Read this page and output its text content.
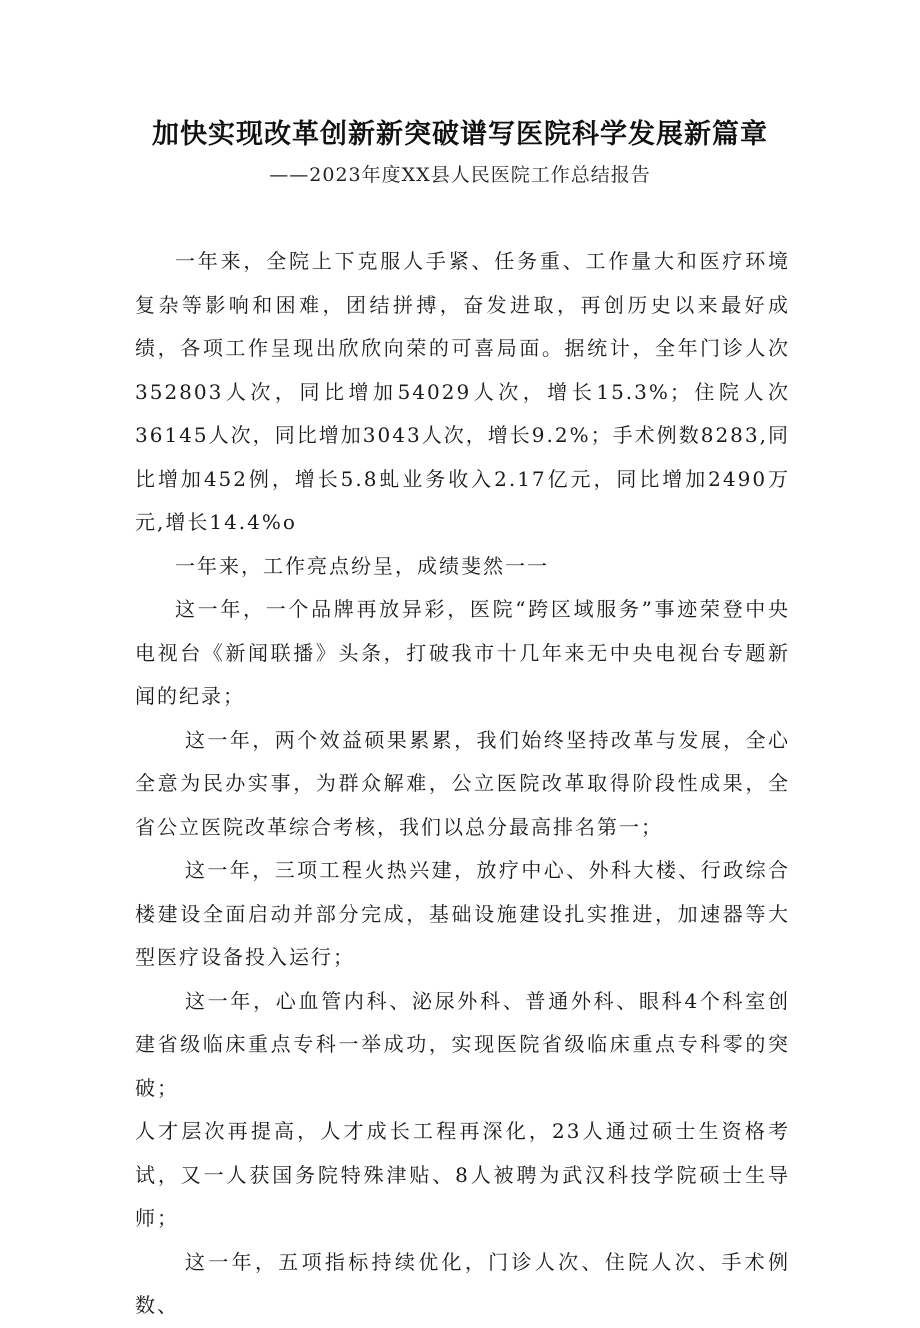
加快实现改革创新新突破谱写医院科学发展新篇章
——2023年度XX县人民医院工作总结报告

一年来，全院上下克服人手紧、任务重、工作量大和医疗环境复杂等影响和困难，团结拼搏，奋发进取，再创历史以来最好成绩，各项工作呈现出欣欣向荣的可喜局面。据统计，全年门诊人次352803人次，同比增加54029人次，增长15.3%；住院人次36145人次，同比增加3043人次，增长9.2%；手术例数8283,同比增加452例，增长5.8虬业务收入2.17亿元，同比增加2490万元,增长14.4%o

一年来，工作亮点纷呈，成绩斐然一一

这一年，一个品牌再放异彩，医院“跨区域服务”事迹荣登中央电视台《新闻联播》头条，打破我市十几年来无中央电视台专题新闻的纪录；

这一年，两个效益硕果累累，我们始终坚持改革与发展，全心全意为民办实事，为群众解难，公立医院改革取得阶段性成果，全省公立医院改革综合考核，我们以总分最高排名第一；

这一年，三项工程火热兴建，放疗中心、外科大楼、行政综合楼建设全面启动并部分完成，基础设施建设扎实推进，加速器等大型医疗设备投入运行；

这一年，心血管内科、泌尿外科、普通外科、眼科4个科室创建省级临床重点专科一举成功，实现医院省级临床重点专科零的突破；

人才层次再提高，人才成长工程再深化，23人通过硕士生资格考试，又一人获国务院特殊津贴、8人被聘为武汉科技学院硕士生导师；

这一年，五项指标持续优化，门诊人次、住院人次、手术例数、
